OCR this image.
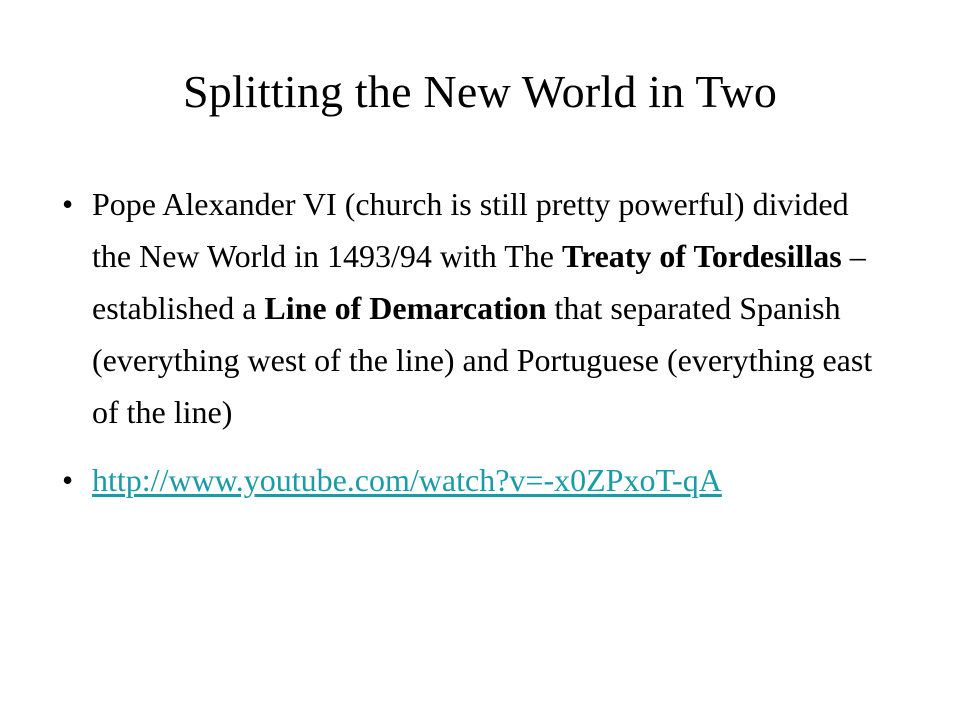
Splitting the New World in Two
• Pope Alexander VI (church is still pretty powerful) divided the New World in 1493/94 with The Treaty of Tordesillas – established a Line of Demarcation that separated Spanish (everything west of the line) and Portuguese (everything east of the line)
• http://www.youtube.com/watch?v=-x0ZPxoT-qA
